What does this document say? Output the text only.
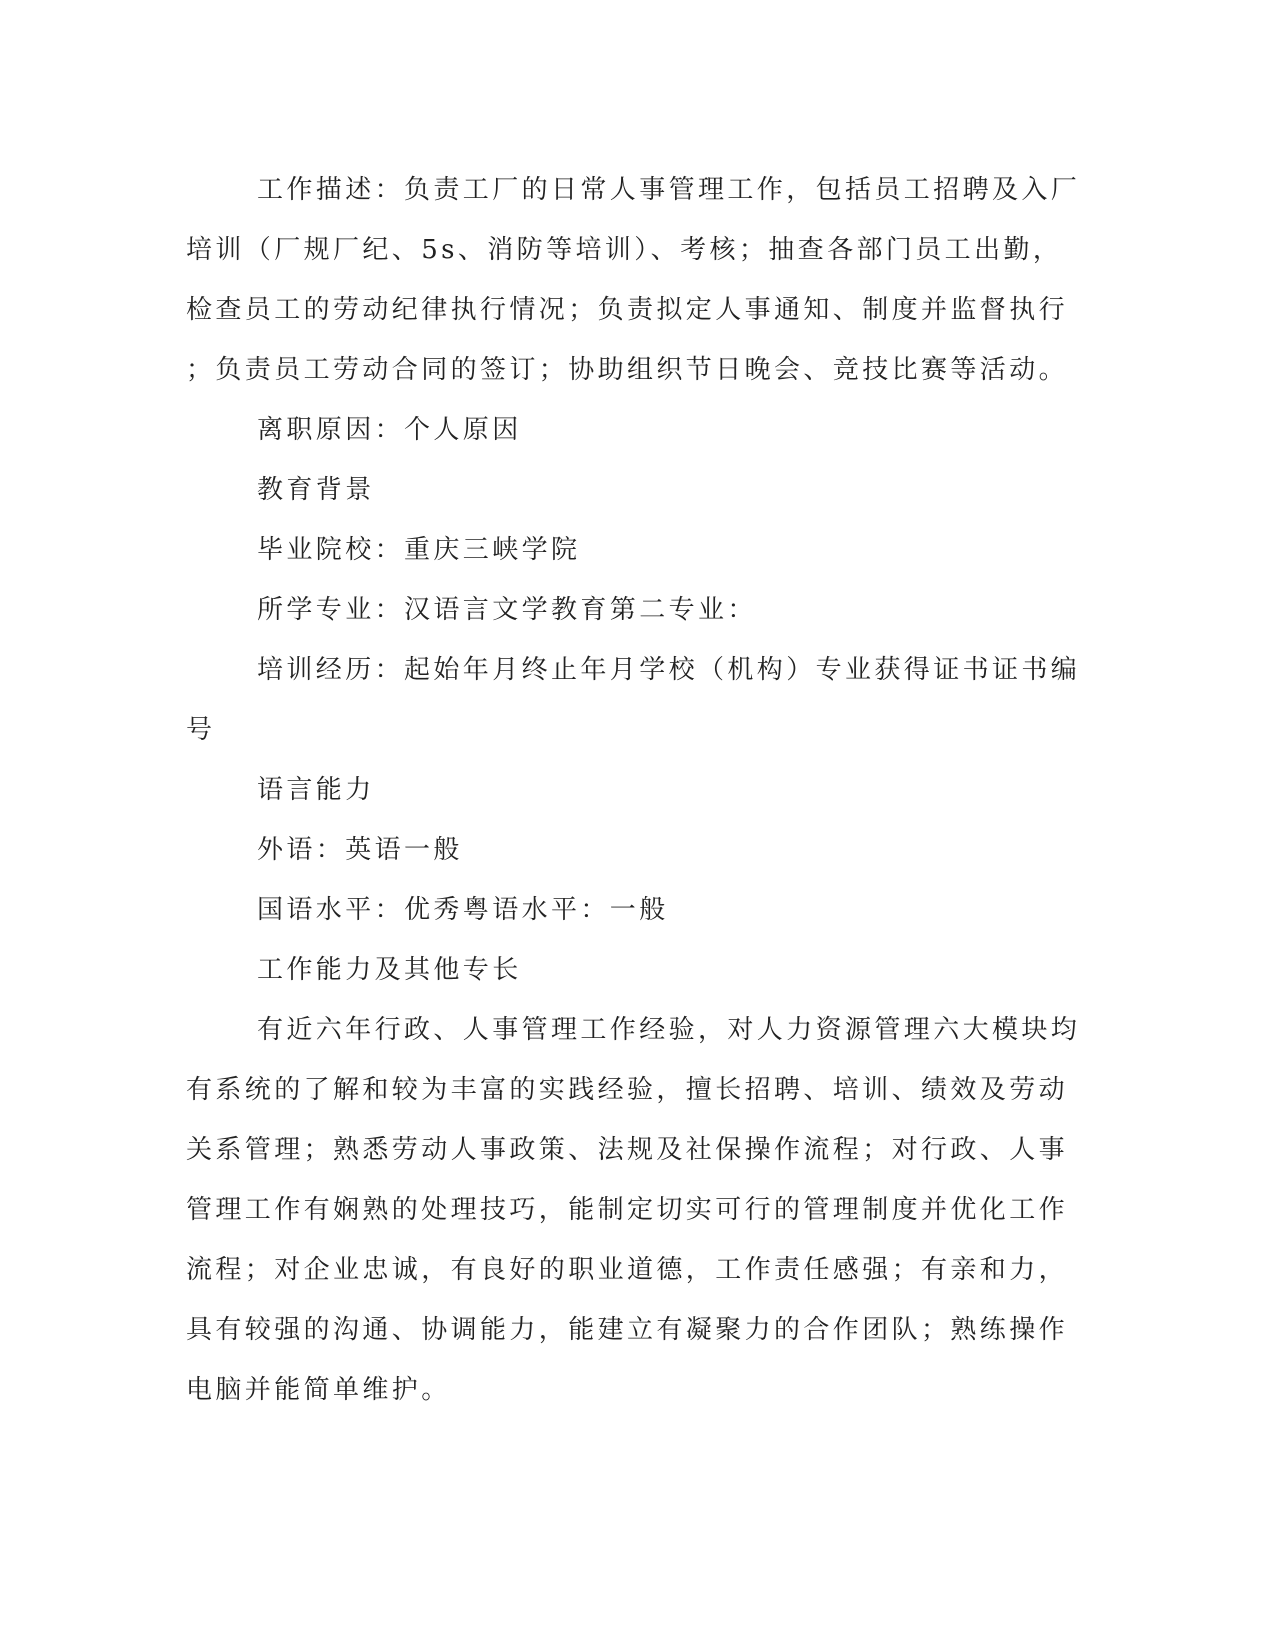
工作描述：负责工厂的日常人事管理工作，包括员工招聘及入厂
培训（厂规厂纪、5s、消防等培训）、考核；抽查各部门员工出勤，
检查员工的劳动纪律执行情况；负责拟定人事通知、制度并监督执行
；负责员工劳动合同的签订；协助组织节日晚会、竞技比赛等活动。

离职原因：个人原因

教育背景

毕业院校：重庆三峡学院

所学专业：汉语言文学教育第二专业：

培训经历：起始年月终止年月学校（机构）专业获得证书证书编
号

语言能力

外语：英语一般

国语水平：优秀粤语水平：一般

工作能力及其他专长

有近六年行政、人事管理工作经验，对人力资源管理六大模块均
有系统的了解和较为丰富的实践经验，擅长招聘、培训、绩效及劳动
关系管理；熟悉劳动人事政策、法规及社保操作流程；对行政、人事
管理工作有娴熟的处理技巧，能制定切实可行的管理制度并优化工作
流程；对企业忠诚，有良好的职业道德，工作责任感强；有亲和力，
具有较强的沟通、协调能力，能建立有凝聚力的合作团队；熟练操作
电脑并能简单维护。
